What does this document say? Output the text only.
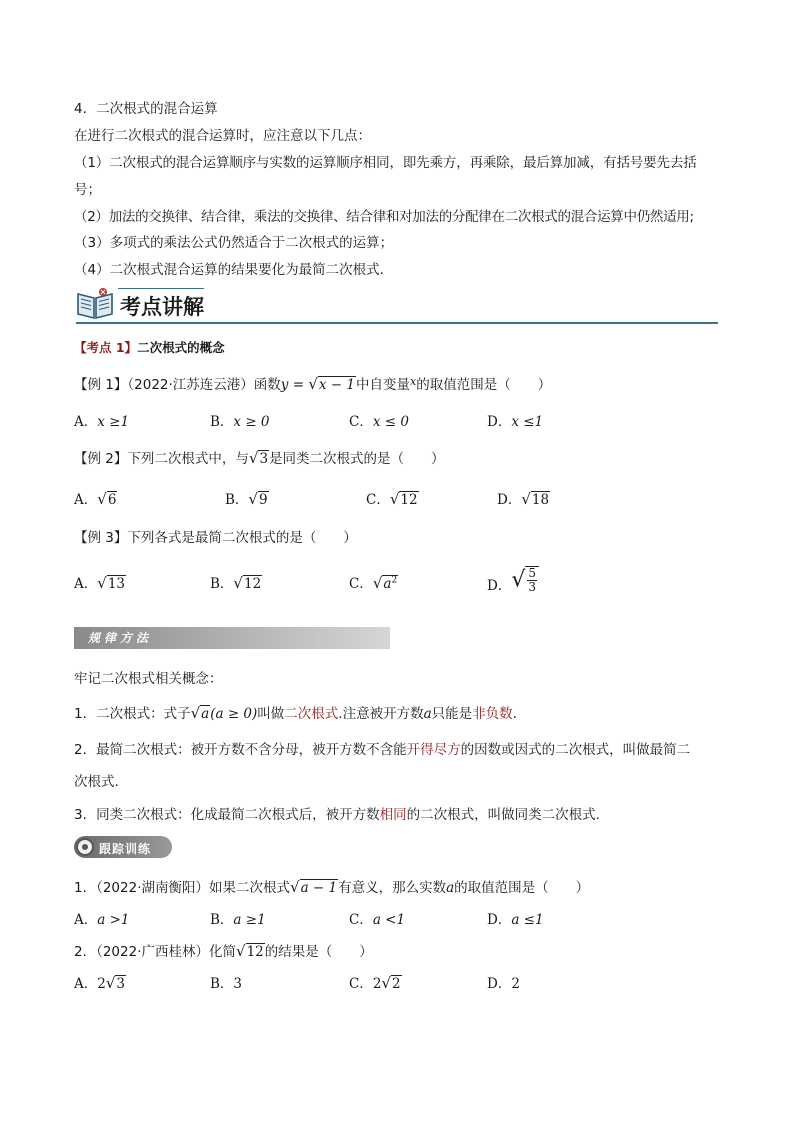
4．二次根式的混合运算
在进行二次根式的混合运算时，应注意以下几点：
（1）二次根式的混合运算顺序与实数的运算顺序相同，即先乘方，再乘除，最后算加减，有括号要先去括
号；
（2）加法的交换律、结合律，乘法的交换律、结合律和对加法的分配律在二次根式的混合运算中仍然适用;
（3）多项式的乘法公式仍然适合于二次根式的运算；
（4）二次根式混合运算的结果要化为最简二次根式．
考点讲解
【考点 1】二次根式的概念
【例 1】（2022·江苏连云港）函数y = √x − 1中自变量$^x$的取值范围是（　　）
A．x ≥1	B．x ≥ 0	C．x ≤ 0	D．x ≤1
【例 2】下列二次根式中，与√3是同类二次根式的是（　　）
A．√6	B．√9	C．√12	D．√18
【例 3】下列各式是最简二次根式的是（　　）
A．√13	B．√12	C．$√a^2$	D．√ $\frac{5}{3}$
规律方法
牢记二次根式相关概念：
1．二次根式：式子√a(a ≥ 0)叫做二次根式.注意被开方数a只能是非负数.
2．最简二次根式：被开方数不含分母，被开方数不含能开得尽方的因数或因式的二次根式，叫做最简二
次根式.
3．同类二次根式：化成最简二次根式后，被开方数相同的二次根式，叫做同类二次根式.
跟踪训练
1．（2022·湖南衡阳）如果二次根式√a − 1有意义，那么实数a的取值范围是（　　）
A．a >1	B．a ≥1	C．a <1	D．a ≤1
2．（2022·广西桂林）化简√12的结果是（　　）
A．2√3	B．3	C．2√2	D．2
